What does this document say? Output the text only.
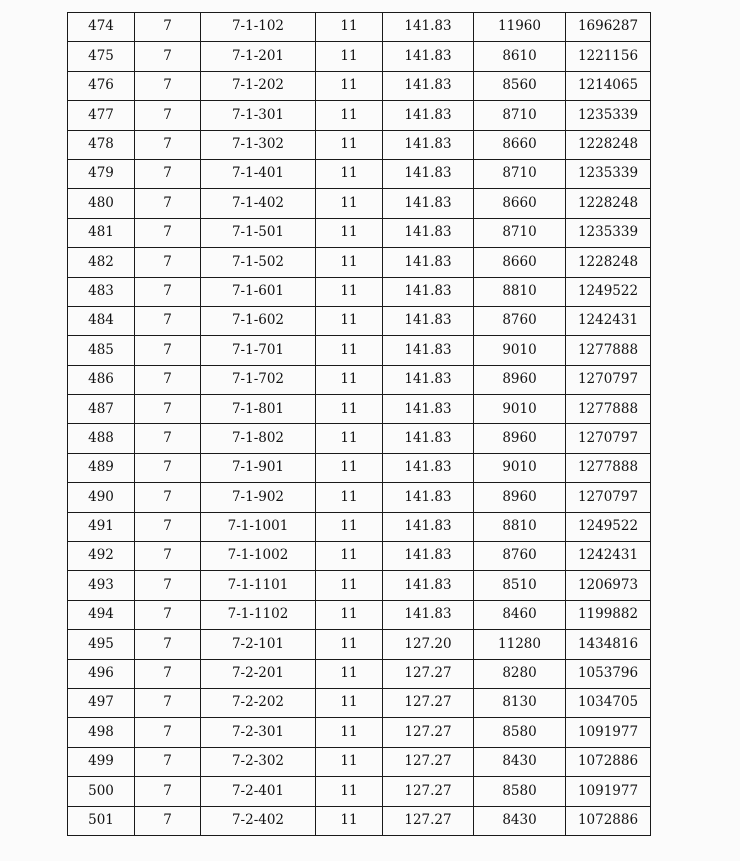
474	7	7-1-102	11	141.83	11960	1696287
475	7	7-1-201	11	141.83	8610	1221156
476	7	7-1-202	11	141.83	8560	1214065
477	7	7-1-301	11	141.83	8710	1235339
478	7	7-1-302	11	141.83	8660	1228248
479	7	7-1-401	11	141.83	8710	1235339
480	7	7-1-402	11	141.83	8660	1228248
481	7	7-1-501	11	141.83	8710	1235339
482	7	7-1-502	11	141.83	8660	1228248
483	7	7-1-601	11	141.83	8810	1249522
484	7	7-1-602	11	141.83	8760	1242431
485	7	7-1-701	11	141.83	9010	1277888
486	7	7-1-702	11	141.83	8960	1270797
487	7	7-1-801	11	141.83	9010	1277888
488	7	7-1-802	11	141.83	8960	1270797
489	7	7-1-901	11	141.83	9010	1277888
490	7	7-1-902	11	141.83	8960	1270797
491	7	7-1-1001	11	141.83	8810	1249522
492	7	7-1-1002	11	141.83	8760	1242431
493	7	7-1-1101	11	141.83	8510	1206973
494	7	7-1-1102	11	141.83	8460	1199882
495	7	7-2-101	11	127.20	11280	1434816
496	7	7-2-201	11	127.27	8280	1053796
497	7	7-2-202	11	127.27	8130	1034705
498	7	7-2-301	11	127.27	8580	1091977
499	7	7-2-302	11	127.27	8430	1072886
500	7	7-2-401	11	127.27	8580	1091977
501	7	7-2-402	11	127.27	8430	1072886
